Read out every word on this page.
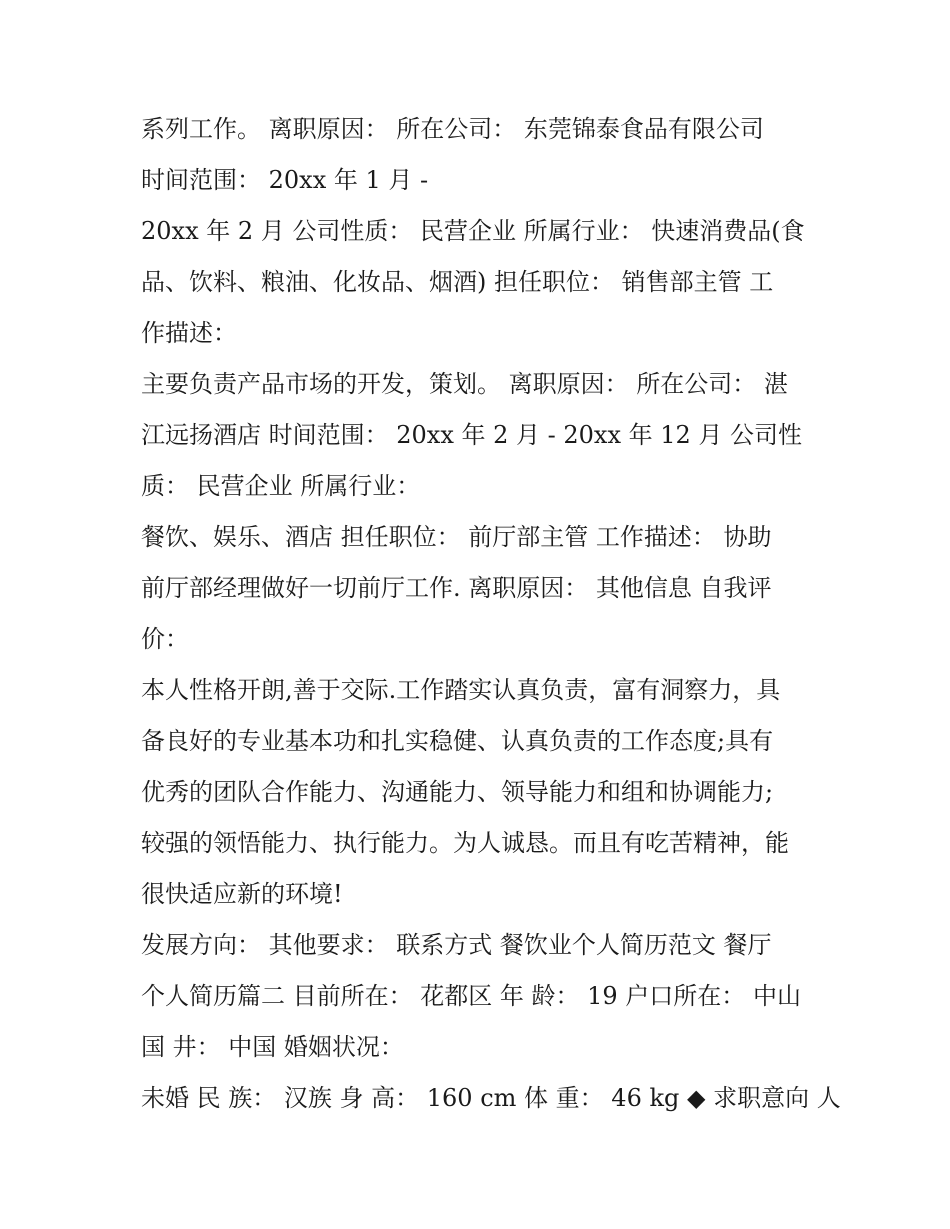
系列工作。 离职原因： 所在公司： 东莞锦泰食品有限公司
时间范围： 20xx 年 1 月 -
20xx 年 2 月 公司性质： 民营企业 所属行业： 快速消费品(食
品、饮料、粮油、化妆品、烟酒) 担任职位： 销售部主管 工
作描述：
主要负责产品市场的开发，策划。 离职原因： 所在公司： 湛
江远扬酒店 时间范围： 20xx 年 2 月 - 20xx 年 12 月 公司性
质： 民营企业 所属行业：
餐饮、娱乐、酒店 担任职位： 前厅部主管 工作描述： 协助
前厅部经理做好一切前厅工作. 离职原因： 其他信息 自我评
价：
本人性格开朗,善于交际.工作踏实认真负责，富有洞察力，具
备良好的专业基本功和扎实稳健、认真负责的工作态度;具有
优秀的团队合作能力、沟通能力、领导能力和组和协调能力;
较强的领悟能力、执行能力。为人诚恳。而且有吃苦精神，能
很快适应新的环境!
发展方向： 其他要求： 联系方式 餐饮业个人简历范文 餐厅
个人简历篇二 目前所在： 花都区 年 龄： 19 户口所在： 中山
国 井： 中国 婚姻状况：
未婚 民 族： 汉族 身 高： 160 cm 体 重： 46 kg ◆ 求职意向 人
